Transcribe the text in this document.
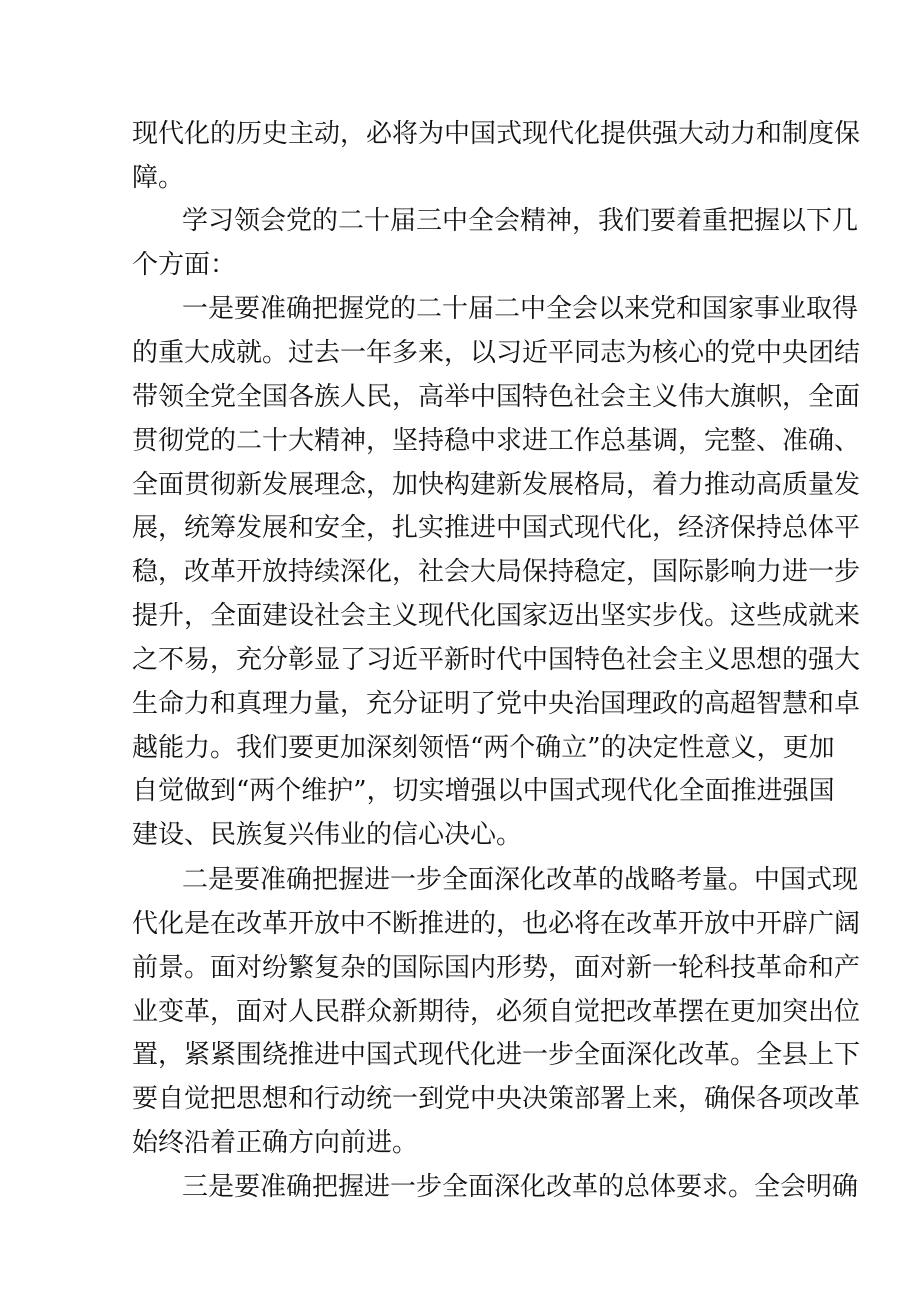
现代化的历史主动，必将为中国式现代化提供强大动力和制度保
障。
学习领会党的二十届三中全会精神，我们要着重把握以下几
个方面：
一是要准确把握党的二十届二中全会以来党和国家事业取得
的重大成就。过去一年多来，以习近平同志为核心的党中央团结
带领全党全国各族人民，高举中国特色社会主义伟大旗帜，全面
贯彻党的二十大精神，坚持稳中求进工作总基调，完整、准确、
全面贯彻新发展理念，加快构建新发展格局，着力推动高质量发
展，统筹发展和安全，扎实推进中国式现代化，经济保持总体平
稳，改革开放持续深化，社会大局保持稳定，国际影响力进一步
提升，全面建设社会主义现代化国家迈出坚实步伐。这些成就来
之不易，充分彰显了习近平新时代中国特色社会主义思想的强大
生命力和真理力量，充分证明了党中央治国理政的高超智慧和卓
越能力。我们要更加深刻领悟“两个确立”的决定性意义，更加
自觉做到“两个维护”，切实增强以中国式现代化全面推进强国
建设、民族复兴伟业的信心决心。
二是要准确把握进一步全面深化改革的战略考量。中国式现
代化是在改革开放中不断推进的，也必将在改革开放中开辟广阔
前景。面对纷繁复杂的国际国内形势，面对新一轮科技革命和产
业变革，面对人民群众新期待，必须自觉把改革摆在更加突出位
置，紧紧围绕推进中国式现代化进一步全面深化改革。全县上下
要自觉把思想和行动统一到党中央决策部署上来，确保各项改革
始终沿着正确方向前进。
三是要准确把握进一步全面深化改革的总体要求。全会明确
